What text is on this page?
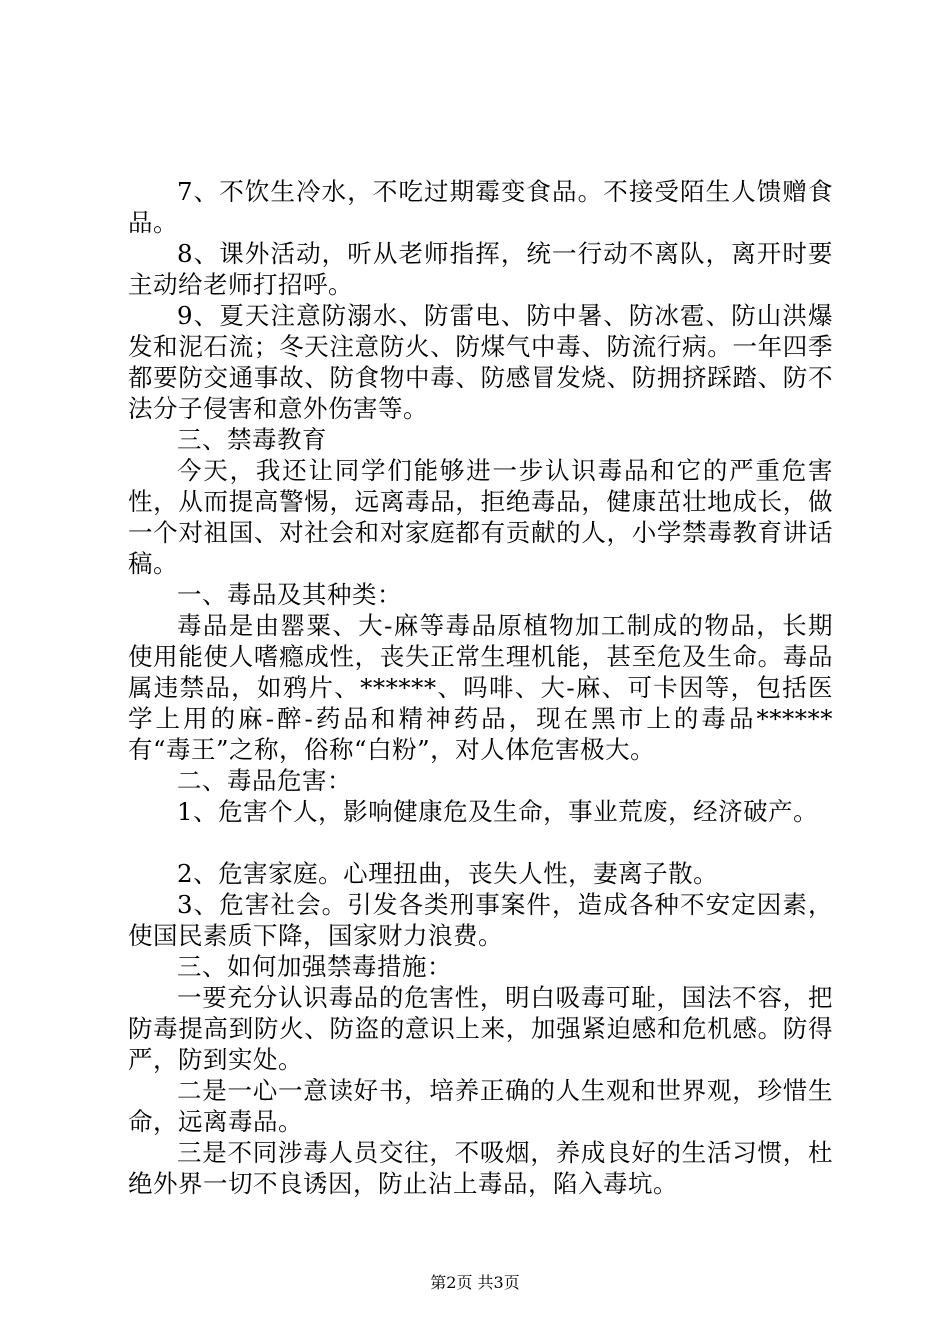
7、不饮生冷水，不吃过期霉变食品。不接受陌生人馈赠食品。

8、课外活动，听从老师指挥，统一行动不离队，离开时要主动给老师打招呼。

9、夏天注意防溺水、防雷电、防中暑、防冰雹、防山洪爆发和泥石流；冬天注意防火、防煤气中毒、防流行病。一年四季都要防交通事故、防食物中毒、防感冒发烧、防拥挤踩踏、防不法分子侵害和意外伤害等。

三、禁毒教育

今天，我还让同学们能够进一步认识毒品和它的严重危害性，从而提高警惕，远离毒品，拒绝毒品，健康茁壮地成长，做一个对祖国、对社会和对家庭都有贡献的人，小学禁毒教育讲话稿。

一、毒品及其种类：

毒品是由罂粟、大-麻等毒品原植物加工制成的物品，长期使用能使人嗜瘾成性，丧失正常生理机能，甚至危及生命。毒品属违禁品，如鸦片、******、吗啡、大-麻、可卡因等，包括医学上用的麻-醉-药品和精神药品，现在黑市上的毒品******有“毒王”之称，俗称“白粉”，对人体危害极大。

二、毒品危害：

1、危害个人，影响健康危及生命，事业荒废，经济破产。

2、危害家庭。心理扭曲，丧失人性，妻离子散。

3、危害社会。引发各类刑事案件，造成各种不安定因素，使国民素质下降，国家财力浪费。

三、如何加强禁毒措施：

一要充分认识毒品的危害性，明白吸毒可耻，国法不容，把防毒提高到防火、防盗的意识上来，加强紧迫感和危机感。防得严，防到实处。

二是一心一意读好书，培养正确的人生观和世界观，珍惜生命，远离毒品。

三是不同涉毒人员交往，不吸烟，养成良好的生活习惯，杜绝外界一切不良诱因，防止沾上毒品，陷入毒坑。

第2页 共3页
